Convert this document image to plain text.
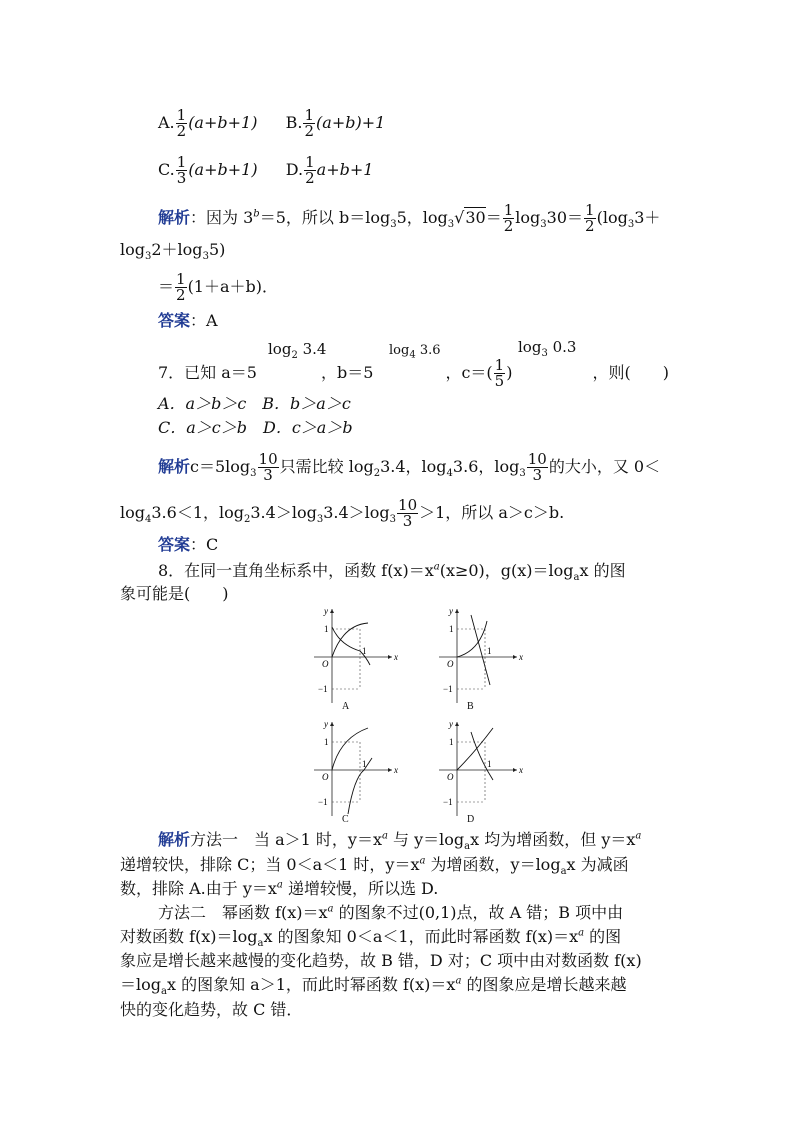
A. $\frac{1}{2} (a+b+1)$ B. $\frac{1}{2} (a+b)+1$
C. $\frac{1}{3} (a+b+1)$ D. $\frac{1}{2} a+b+1$
解析：因为 $3^b=5$，所以 $b=\log_35$，$\log_3√30= \frac{1}{2} \log_330= \frac{1}{2} (\log_33+$
$\log_32+\log_35$)
＝ $\frac{1}{2} (1+a+b)$．
答案：A
7．已知 a＝5	，b＝5	，$c=( \frac{1}{5}$ )	，则(　　)
$\log_2 3.4$	$\log_4 3.6$	$\log_3 0.3$
A．a＞b＞c　B．b＞a＞c
C．a＞c＞b　D．c＞a＞b
解析$c=5\log_3 \frac{10}{3}$ 只需比较 $\log_23.4$，$\log_43.6$，$\log_3 \frac{10}{3}$ 的大小，又 0＜
$\log_43.6<1$，$\log_23.4>\log_33.4>\log_3 \frac{10}{3} >1$，所以 a＞c＞b.
答案：C
8．在同一直角坐标系中，函数 $f(x)=x^a(x\ge 0)$，$g(x)=\log_ax$ 的图
象可能是(　　)
1
−1
O
1
x
y
A
1
−1
O
1
x
y
B
1
−1
O
1
x
y
C
1
−1
O
1
x
y
D
解析方法一　当 a＞1 时，$y=x^a$ 与 $y=\log_ax$ 均为增函数，但 $y=x^a$
递增较快，排除 C；当 0＜a＜1 时，$y=x^a$ 为增函数，$y=\log_ax$ 为减函
数，排除 A.由于 $y=x^a$ 递增较慢，所以选 D.
方法二　幂函数 $f(x)=x^a$ 的图象不过(0,1)点，故 A 错；B 项中由
对数函数 $f(x)=\log_ax$ 的图象知 0＜a＜1，而此时幂函数 $f(x)=x^a$ 的图
象应是增长越来越慢的变化趋势，故 B 错，D 对；C 项中由对数函数 f(x)
$=\log_ax$ 的图象知 a＞1，而此时幂函数 $f(x)=x^a$ 的图象应是增长越来越
快的变化趋势，故 C 错．
